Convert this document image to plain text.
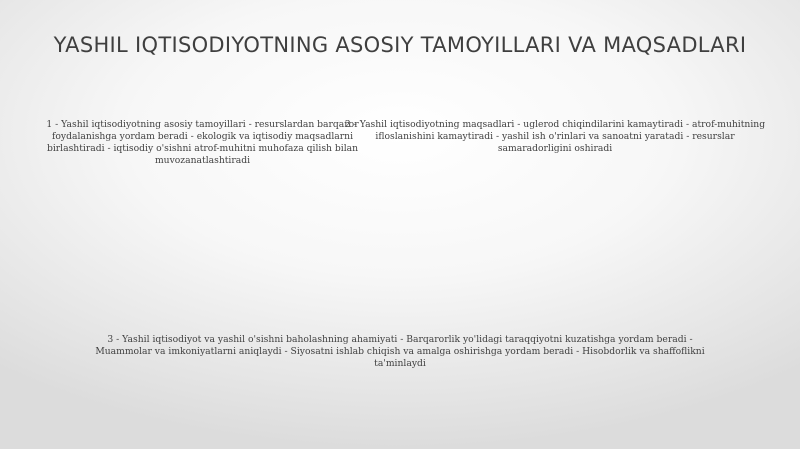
YASHIL IQTISODIYOTNING ASOSIY TAMOYILLARI VA MAQSADLARI
1 - Yashil iqtisodiyotning asosiy tamoyillari - resurslardan barqaror foydalanishga yordam beradi - ekologik va iqtisodiy maqsadlarni birlashtiradi - iqtisodiy o'sishni atrof-muhitni muhofaza qilish bilan muvozanatlashtiradi
2 - Yashil iqtisodiyotning maqsadlari - uglerod chiqindilarini kamaytiradi - atrof-muhitning ifloslanishini kamaytiradi - yashil ish o'rinlari va sanoatni yaratadi - resurslar samaradorligini oshiradi
3 - Yashil iqtisodiyot va yashil o'sishni baholashning ahamiyati - Barqarorlik yo'lidagi taraqqiyotni kuzatishga yordam beradi - Muammolar va imkoniyatlarni aniqlaydi - Siyosatni ishlab chiqish va amalga oshirishga yordam beradi - Hisobdorlik va shaffoflikni ta'minlaydi
